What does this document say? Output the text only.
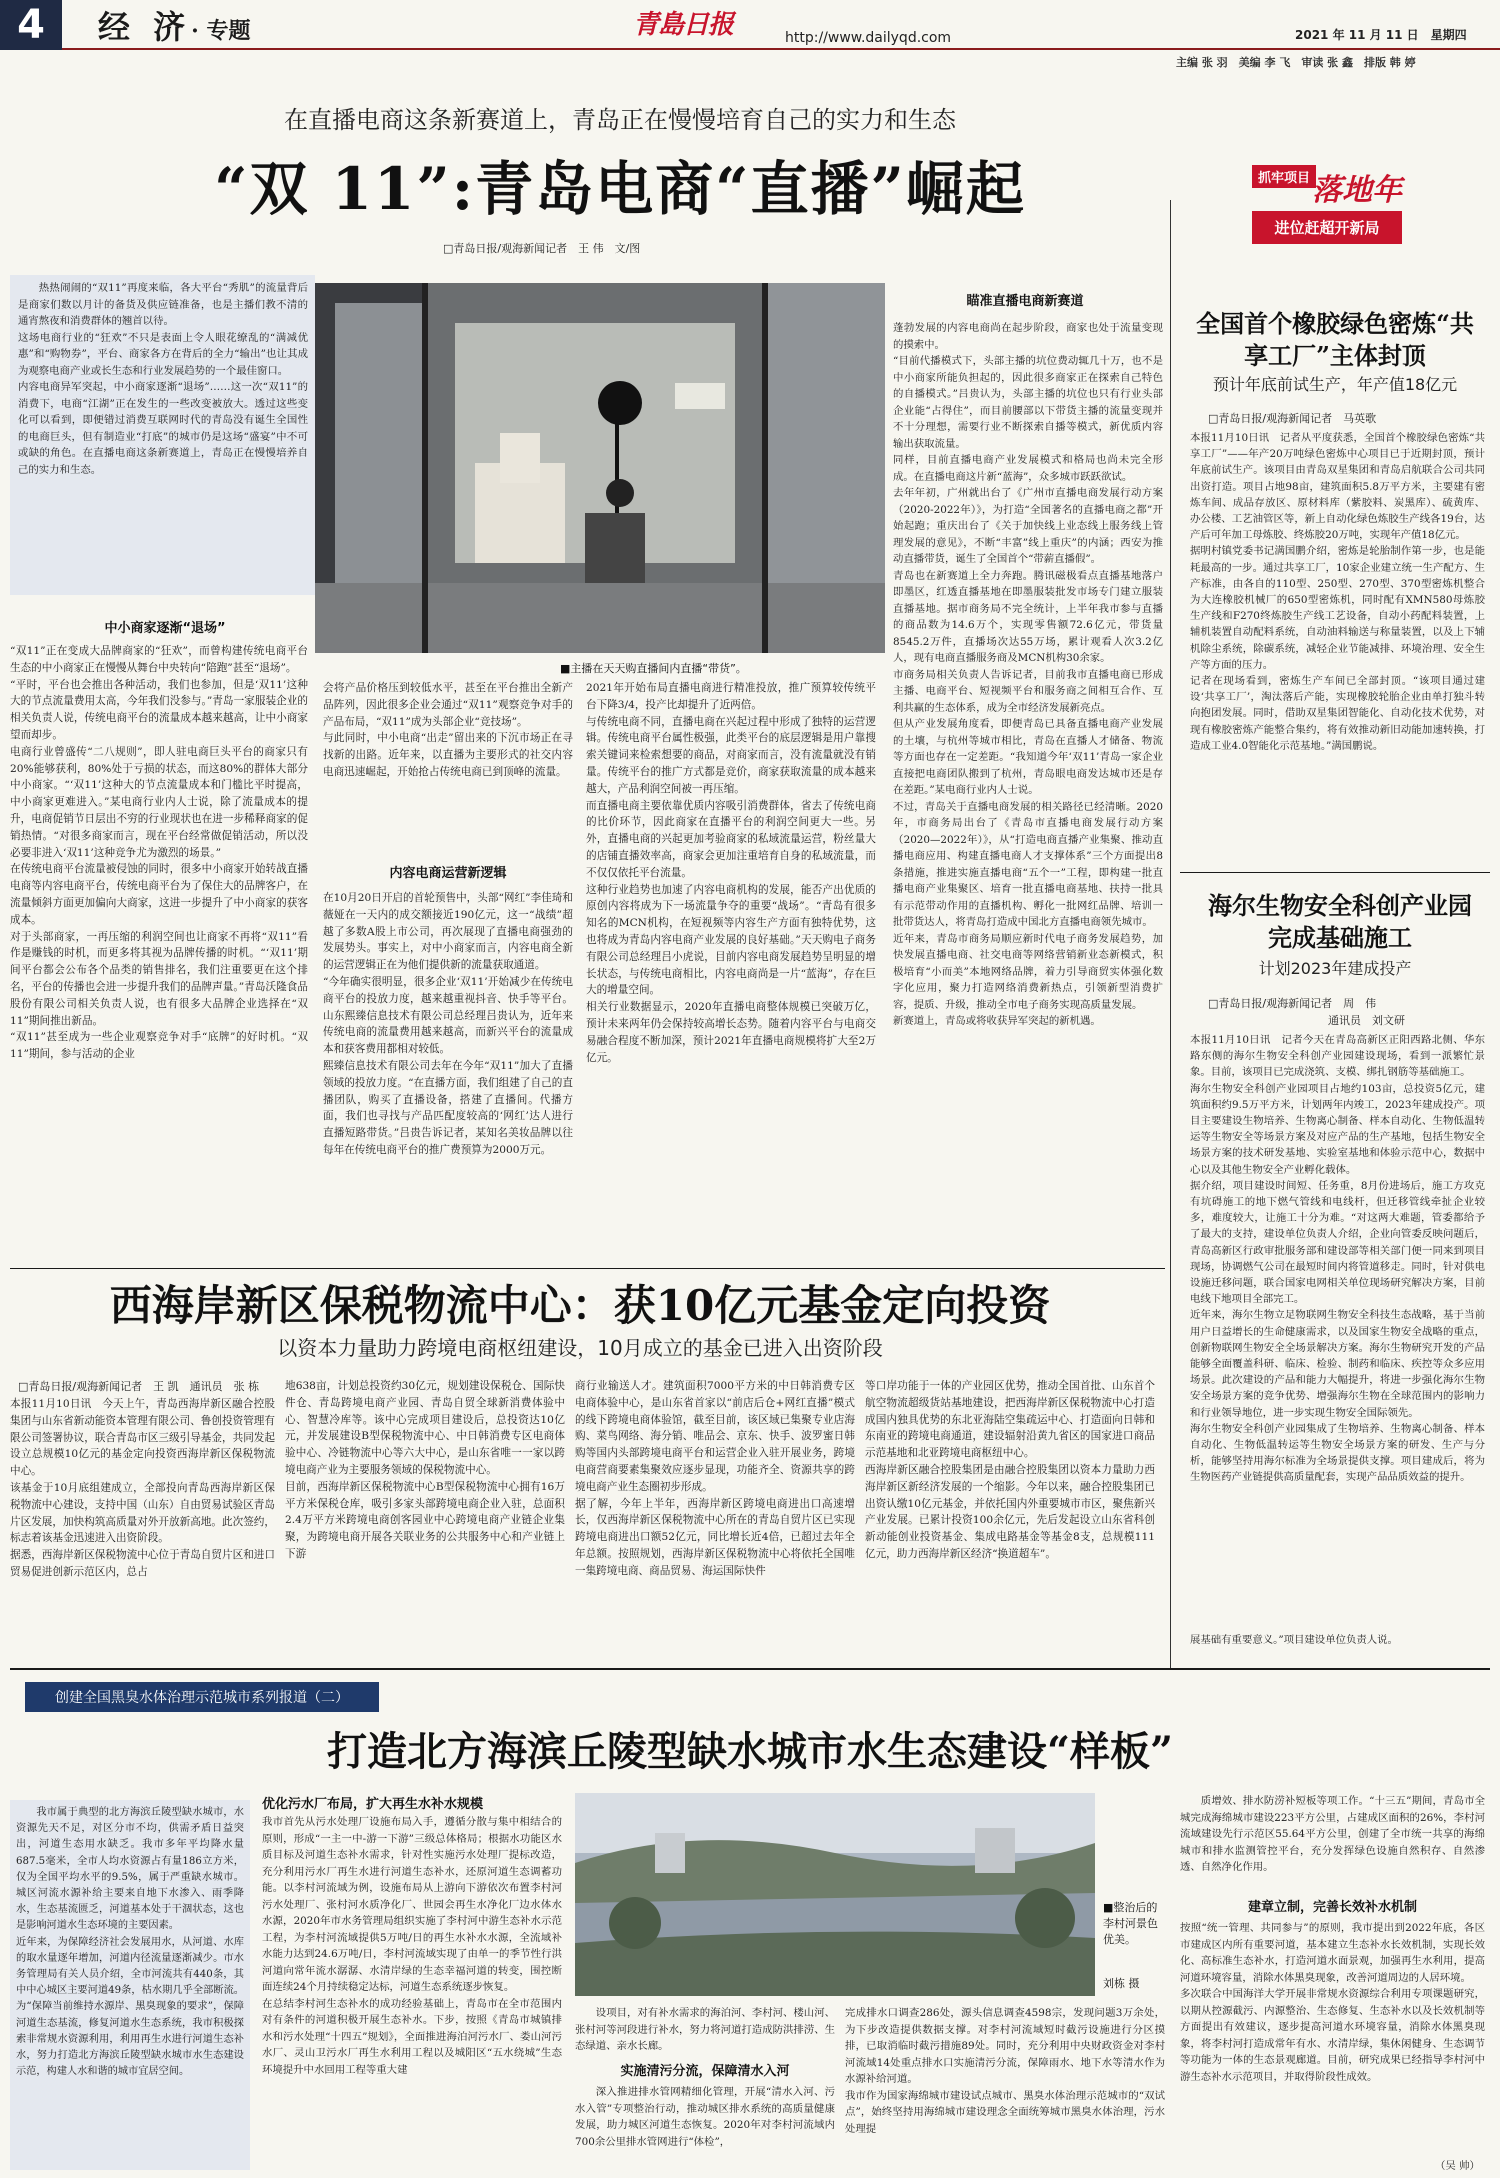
4	经 济· 专题	青島日报	http://www.dailyqd.com	2021 年 11 月 11 日　星期四
主编 张 羽　美编 李 飞　审读 张 鑫　排版 韩 婷
在直播电商这条新赛道上，青岛正在慢慢培育自己的实力和生态
“双 11”:青岛电商“直播”崛起
□青岛日报/观海新闻记者　王 伟　文/图
热热闹闹的“双11”再度来临，各大平台“秀肌”的流量背后是商家们数以月计的备货及供应链准备，也是主播们教不清的通宵熬夜和消费群体的翘首以待。
这场电商行业的“狂欢”不只是表面上令人眼花缭乱的“满减优惠”和“购物券”，平台、商家各方在背后的全力“输出”也让其成为观察电商产业或长生态和行业发展趋势的一个最佳窗口。
内容电商异军突起，中小商家逐渐“退场”……这一次“双11”的消费下，电商“江湖”正在发生的一些改变被放大。透过这些变化可以看到，即便错过消费互联网时代的青岛没有诞生全国性的电商巨头，但有制造业“打底”的城市仍是这场“盛宴”中不可或缺的角色。在直播电商这条新赛道上，青岛正在慢慢培养自己的实力和生态。
■主播在天天购直播间内直播“带货”。
中小商家逐渐“退场”
“双11”正在变成大品牌商家的“狂欢”，而曾构建传统电商平台生态的中小商家正在慢慢从舞台中央转向“陪跑”甚至“退场”。
“平时，平台也会推出各种活动，我们也参加，但是‘双11’这种大的节点流量费用太高，今年我们没参与。”青岛一家服装企业的相关负责人说，传统电商平台的流量成本越来越高，让中小商家望而却步。
电商行业曾盛传“二八规则”，即人驻电商巨头平台的商家只有20%能够获利，80%处于亏损的状态，而这80%的群体大部分中小商家。“‘双11’这种大的节点流量成本和门槛比平时提高，中小商家更难进入。”某电商行业内人士说，除了流量成本的提升，电商促销节日层出不穷的行业现状也在进一步稀释商家的促销热情。“对很多商家而言，现在平台经常做促销活动，所以没必要非进入‘双11’这种竞争尤为激烈的场景。”
在传统电商平台流量被侵蚀的同时，很多中小商家开始转战直播电商等内容电商平台，传统电商平台为了保住大的品牌客户，在流量倾斜方面更加偏向大商家，这进一步提升了中小商家的获客成本。
对于头部商家，一再压缩的利润空间也让商家不再将“双11”看作是赚钱的时机，而更多将其视为品牌传播的时机。“‘双11’期间平台都会公布各个品类的销售排名，我们注重要更在这个排名，平台的传播也会进一步提升我们的品牌声量。”青岛沃隆食品股份有限公司相关负责人说，也有很多大品牌企业选择在“双11”期间推出新品。
“双11”甚至成为一些企业观察竞争对手“底牌”的好时机。“双11”期间，参与活动的企业
会将产品价格压到较低水平，甚至在平台推出全新产品阵列，因此很多企业会通过“双11”观察竞争对手的产品布局，“双11”成为头部企业“竞技场”。
与此同时，中小电商“出走”留出来的下沉市场正在寻找新的出路。近年来，以直播为主要形式的社交内容电商迅速崛起，开始抢占传统电商已到顶峰的流量。
内容电商运营新逻辑
在10月20日开启的首轮预售中，头部“网红”李佳琦和薇娅在一天内的成交额接近190亿元，这一“战绩”超越了多数A股上市公司，再次展现了直播电商强劲的发展势头。事实上，对中小商家而言，内容电商全新的运营逻辑正在为他们提供新的流量获取通道。
“今年确实很明显，很多企业‘双11’开始减少在传统电商平台的投放力度，越来越重视抖音、快手等平台。山东熙臻信息技术有限公司总经理吕贵认为，近年来传统电商的流量费用越来越高，而新兴平台的流量成本和获客费用都相对较低。
熙臻信息技术有限公司去年在今年“双11”加大了直播领域的投放力度。“在直播方面，我们组建了自己的直播团队，购买了直播设备，搭建了直播间。代播方面，我们也寻找与产品匹配度较高的‘网红’达人进行直播短路带货。”吕贵告诉记者，某知名美妆品牌以往每年在传统电商平台的推广费预算为2000万元。
2021年开始布局直播电商进行精准投放，推广预算较传统平台下降3/4，投产比却提升了近两倍。
与传统电商不同，直播电商在兴起过程中形成了独特的运营逻辑。传统电商平台属性极强，此类平台的底层逻辑是用户靠搜索关键词来检索想要的商品，对商家而言，没有流量就没有销量。传统平台的推广方式都是竞价，商家获取流量的成本越来越大，产品利润空间被一再压缩。
而直播电商主要依靠优质内容吸引消费群体，省去了传统电商的比价环节，因此商家在直播平台的利润空间更大一些。另外，直播电商的兴起更加考验商家的私域流量运营，粉丝量大的店铺直播效率高，商家会更加注重培育自身的私域流量，而不仅仅依托平台流量。
这种行业趋势也加速了内容电商机构的发展，能否产出优质的原创内容将成为下一场流量争夺的重要“战场”。“青岛有很多知名的MCN机构，在短视频等内容生产方面有独特优势，这也将成为青岛内容电商产业发展的良好基础。”天天购电子商务有限公司总经理吕小虎说，目前内容电商发展趋势呈明显的增长状态，与传统电商相比，内容电商尚是一片“蓝海”，存在巨大的增量空间。
相关行业数据显示，2020年直播电商整体规模已突破万亿，预计未来两年仍会保持较高增长态势。随着内容平台与电商交易融合程度不断加深，预计2021年直播电商规模将扩大至2万亿元。
瞄准直播电商新赛道
蓬勃发展的内容电商尚在起步阶段，商家也处于流量变现的摸索中。
“目前代播模式下，头部主播的坑位费动辄几十万，也不是中小商家所能负担起的，因此很多商家正在探索自己特色的自播模式。”吕贵认为，头部主播的坑位也只有行业头部企业能“占得住”，而目前腰部以下带货主播的流量变现并不十分理想，需要行业不断探索自播等模式，新优质内容输出获取流量。
同样，目前直播电商产业发展模式和格局也尚未完全形成。在直播电商这片新“蓝海”，众多城市跃跃欲试。
去年年初，广州就出台了《广州市直播电商发展行动方案（2020-2022年）》，为打造“全国著名的直播电商之都”开始起跑；重庆出台了《关于加快线上业态线上服务线上管理发展的意见》，不断“丰富”线上重庆”的内涵；西安为推动直播带货，诞生了全国首个“带薪直播假”。
青岛也在新赛道上全力奔跑。腾讯磁极看点直播基地落户即墨区，红透直播基地在即墨服装批发市场专门建立服装直播基地。据市商务局不完全统计，上半年我市参与直播的商品数为14.6万个，实现零售额72.6亿元，带货量8545.2万件，直播场次达55万场，累计观看人次3.2亿人，现有电商直播服务商及MCN机构30余家。
市商务局相关负责人告诉记者，目前我市直播电商已形成主播、电商平台、短视频平台和服务商之间相互合作、互利共赢的生态体系，成为全市经济发展新亮点。
但从产业发展角度看，即便青岛已具备直播电商产业发展的土壤，与杭州等城市相比，青岛在直播人才储备、物流等方面也存在一定差距。“我知道今年‘双11’青岛一家企业直接把电商团队搬到了杭州，青岛眼电商发达城市还是存在差距。”某电商行业内人士说。
不过，青岛关于直播电商发展的相关路径已经清晰。2020年，市商务局出台了《青岛市直播电商发展行动方案（2020—2022年）》，从“打造电商直播产业集聚、推动直播电商应用、构建直播电商人才支撑体系”三个方面提出8条措施，推进实施直播电商“五个一”工程，即构建一批直播电商产业集聚区、培育一批直播电商基地、扶持一批具有示范带动作用的直播机构、孵化一批网红品牌、培训一批带货达人，将青岛打造成中国北方直播电商领先城市。
近年来，青岛市商务局顺应新时代电子商务发展趋势，加快发展直播电商、社交电商等网络营销新业态新模式，积极培育“小而美”本地网络品牌，着力引导商贸实体强化数字化应用，聚力打造网络消费新热点，引领新型消费扩容，提质、升级，推动全市电子商务实现高质量发展。
新赛道上，青岛或将收获异军突起的新机遇。
抓牢项目 落地年
进位赶超开新局
全国首个橡胶绿色密炼“共享工厂”主体封顶
预计年底前试生产，年产值18亿元
□青岛日报/观海新闻记者　马英歌
本报11月10日讯　记者从平度获悉，全国首个橡胶绿色密炼“共享工厂”——年产20万吨绿色密炼中心项目已于近期封顶，预计年底前试生产。该项目由青岛双星集团和青岛启航联合公司共同出资打造。项目占地98亩，建筑面积5.8万平方米，主要建有密炼车间、成品存放区、原材料库（紫胶料、炭黑库）、硫黄库、办公楼、工艺油管区等，新上自动化绿色炼胶生产线各19台，达产后可年加工母炼胶、终炼胶20万吨，实现年产值18亿元。
据明村镇党委书记满国鹏介绍，密炼是轮胎制作第一步，也是能耗最高的一步。通过共享工厂，10家企业建立统一生产配方、生产标准，由各自的110型、250型、270型、370型密炼机整合为大连橡胶机械厂的650型密炼机，同时配有XMN580母炼胶生产线和F270终炼胶生产线工艺设备，自动小药配料装置，上辅机装置自动配料系统，自动油料输送与称量装置，以及上下辅机除尘系统，除碳系统，减轻企业节能减排、环境治理、安全生产等方面的压力。
记者在现场看到，密炼生产车间已全部封顶。“该项目通过建设‘共享工厂’，淘汰落后产能，实现橡胶轮胎企业由单打独斗转向抱团发展。同时，借助双星集团智能化、自动化技术优势，对现有橡胶密炼产能整合集约，将有效推动新旧动能加速转换，打造成工业4.0智能化示范基地。”满国鹏说。
海尔生物安全科创产业园完成基础施工
计划2023年建成投产
□青岛日报/观海新闻记者　周　伟
通讯员　刘文研
本报11月10日讯　记者今天在青岛高新区正阳西路北侧、华东路东侧的海尔生物安全科创产业园建设现场，看到一派繁忙景象。目前，该项目已完成浇筑、支模、绑扎钢筋等基础施工。
海尔生物安全科创产业园项目占地约103亩，总投资5亿元，建筑面积约9.5万平方米，计划两年内竣工，2023年建成投产。项目主要建设生物培养、生物离心制备、样本自动化、生物低温转运等生物安全等场景方案及对应产品的生产基地，包括生物安全场景方案的技术研发基地、实验室基地和体验示范中心，数据中心以及其他生物安全产业孵化载体。
据介绍，项目建设时间短、任务重，8月份进场后，施工方攻克有坑碍施工的地下燃气管线和电线杆，但迁移管线牵扯企业较多，难度较大，让施工十分为难。“对这两大难题，管委都给予了最大的支持，建设单位负责人介绍，企业向管委反映问题后，青岛高新区行政审批服务部和建设部等相关部门便一同来到项目现场，协调燃气公司在最短时间内将管道移走。同时，针对供电设施迁移问题，联合国家电网相关单位现场研究解决方案，目前电线下地项目全部完工。
近年来，海尔生物立足物联网生物安全科技生态战略，基于当前用户日益增长的生命健康需求，以及国家生物安全战略的重点，创新物联网生物安全全场景解决方案。海尔生物研究开发的产品能够全面覆盖科研、临床、检验、制药和临床、疾控等众多应用场景。此次建设的产品和能力大幅提升，将进一步强化海尔生物安全场景方案的竞争优势、增强海尔生物在全球范围内的影响力和行业领导地位，进一步实现生物安全国际领先。
海尔生物安全科创产业园集成了生物培养、生物离心制备、样本自动化、生物低温转运等生物安全场景方案的研发、生产与分析，能够坚持用海尔标准为全场景提供支撑。项目建成后，将为生物医药产业链提供高质量配套，实现产品品质效益的提升。
展基础有重要意义。”项目建设单位负责人说。
西海岸新区保税物流中心：获10亿元基金定向投资
以资本力量助力跨境电商枢纽建设，10月成立的基金已进入出资阶段
□青岛日报/观海新闻记者　王 凯　通讯员　张 栋
本报11月10日讯　今天上午，青岛西海岸新区融合控股集团与山东省新动能资本管理有限公司、鲁创投资管理有限公司签署协议，联合青岛市区三级引导基金，共同发起设立总规模10亿元的基金定向投资西海岸新区保税物流中心。
该基金于10月底组建成立，全部投向青岛西海岸新区保税物流中心建设，支持中国（山东）自由贸易试验区青岛片区发展，加快构筑高质量对外开放新高地。此次签约，标志着该基金迅速进入出资阶段。
据悉，西海岸新区保税物流中心位于青岛自贸片区和进口贸易促进创新示范区内，总占
地638亩，计划总投资约30亿元，规划建设保税仓、国际快件仓、青岛跨境电商产业园、青岛自贸全球新消费体验中心、智慧冷库等。该中心完成项目建设后，总投资达10亿元，并发展建设B型保税物流中心、中日韩消费专区电商体验中心、冷链物流中心等六大中心，是山东省唯一一家以跨境电商产业为主要服务领域的保税物流中心。
目前，西海岸新区保税物流中心B型保税物流中心拥有16万平方米保税仓库，吸引多家头部跨境电商企业入驻，总面积2.4万平方米跨境电商创客园业中心跨境电商产业链企业集聚，为跨境电商开展各关联业务的公共服务中心和产业链上下游
商行业输送人才。建筑面积7000平方米的中日韩消费专区电商体验中心，是山东省首家以“前店后仓+网红直播”模式的线下跨境电商体验馆，截至目前，该区域已集聚专业店海购、菜鸟网络、海分销、唯品会、京东、快手、波罗蜜日韩购等国内头部跨境电商平台和运营企业入驻开展业务，跨境电商营商要素集聚效应逐步显现，功能齐全、资源共享的跨境电商产业生态圈初步形成。
据了解，今年上半年，西海岸新区跨境电商进出口高速增长，仅西海岸新区保税物流中心所在的青岛自贸片区已实现跨境电商进出口额52亿元，同比增长近4倍，已超过去年全年总额。按照规划，西海岸新区保税物流中心将依托全国唯一集跨境电商、商品贸易、海运国际快件
等口岸功能于一体的产业园区优势，推动全国首批、山东首个航空物流超级货站基地建设，把西海岸新区保税物流中心打造成国内独具优势的东北亚海陆空集疏运中心、打造面向日韩和东南亚的跨境电商通道，建设辐射沿黄九省区的国家进口商品示范基地和北亚跨境电商枢纽中心。
西海岸新区融合控股集团是由融合控股集团以资本力量助力西海岸新区新经济发展的一个缩影。今年以来，融合控股集团已出资认缴10亿元基金，并依托国内外重要城市市区，聚焦新兴产业发展。已累计投资100余亿元，先后发起设立山东省科创新动能创业投资基金、集成电路基金等基金8支，总规模111亿元，助力西海岸新区经济“换道超车”。
创建全国黑臭水体治理示范城市系列报道（二）
打造北方海滨丘陵型缺水城市水生态建设“样板”
我市属于典型的北方海滨丘陵型缺水城市，水资源先天不足，对区分市不均，供需矛盾日益突出，河道生态用水缺乏。我市多年平均降水量687.5毫米，全市人均水资源占有量186立方米，仅为全国平均水平的9.5%，属于严重缺水城市。城区河流水源补给主要来自地下水渗入、雨季降水，生态基流匮乏，河道基本处于干涸状态，这也是影响河道水生态环境的主要因素。
近年来，为保障经济社会发展用水，从河道、水库的取水量逐年增加，河道内径流量逐渐减少。市水务管理局有关人员介绍，全市河流共有440条，其中中心城区主要河道49条，枯水期几乎全部断流。为“保障当前维持水源岸、黑臭现象的要求”，保障河道生态基流，修复河道水生态系统，我市积极探索非常规水资源利用，利用再生水进行河道生态补水，努力打造北方海滨丘陵型缺水城市水生态建设示范，构建人水和谐的城市宜居空间。
优化污水厂布局，扩大再生水补水规模
我市首先从污水处理厂设施布局入手，遵循分散与集中相结合的原则，形成“一主一中-游一下游”三级总体格局；根据水功能区水质目标及河道生态补水需求，针对性实施污水处理厂提标改造，充分利用污水厂再生水进行河道生态补水，还原河道生态调蓄功能。以李村河流域为例，设施布局从上游向下游依次布置李村河污水处理厂、张村河水质净化厂、世园会再生水净化厂边水体水水源，2020年市水务管理局组织实施了李村河中游生态补水示范工程，为李村河流域提供5万吨/日的再生水补水水源，全流域补水能力达到24.6万吨/日，李村河流域实现了由单一的季节性行洪河道向常年流水潺潺、水清岸绿的生态幸福河道的转变，围控断面连续24个月持续稳定达标，河道生态系统逐步恢复。
在总结李村河生态补水的成功经验基础上，青岛市在全市范围内对有条件的河道积极开展生态补水。下步，按照《青岛市城镇排水和污水处理“十四五”规划》，全面推进海泊河污水厂、娄山河污水厂、灵山卫污水厂再生水利用工程以及城阳区“五水绕城”生态环境提升中水回用工程等重大建
■整治后的李村河景色优美。
刘栋 摄
设项目，对有补水需求的海泊河、李村河、楼山河、张村河等河段进行补水，努力将河道打造成防洪排涝、生态绿道、亲水长廊。
实施清污分流，保障清水入河
深入推进排水管网精细化管理，开展“清水入河、污水入管”专项整治行动，推动城区排水系统的高质量健康发展，助力城区河道生态恢复。2020年对李村河流域内700余公里排水管网进行“体检”，
完成排水口调查286处，源头信息调查4598宗，发现问题3万余处，为下步改造提供数据支撑。对李村河流域短时截污设施进行分区摸排，已取消临时截污措施89处。同时，充分利用中央财政资金对李村河流域14处重点排水口实施清污分流，保障雨水、地下水等清水作为水源补给河道。
我市作为国家海绵城市建设试点城市、黑臭水体治理示范城市的“双试点”，始终坚持用海绵城市建设理念全面统筹城市黑臭水体治理，污水处理提
质增效、排水防涝补短板等项工作。“十三五”期间，青岛市全城完成海绵城市建设223平方公里，占建成区面积的26%，李村河流域建设先行示范区55.64平方公里，创建了全市统一共享的海绵城市和排水监测管控平台，充分发挥绿色设施自然积存、自然渗透、自然净化作用。
建章立制，完善长效补水机制
按照“统一管理、共同参与”的原则，我市提出到2022年底，各区市建成区内所有重要河道，基本建立生态补水长效机制，实现长效化、高标准生态补水，打造河道水面景观，加强再生水利用，提高河道环境容量，消除水体黑臭现象，改善河道周边的人居环境。
多次联合中国海洋大学开展非常规水资源综合利用专项课题研究，以期从控源截污、内源整治、生态修复、生态补水以及长效机制等方面提出有效建议，逐步提高河道水环境容量，消除水体黑臭现象，将李村河打造成常年有水、水清岸绿，集休闲健身、生态调节等功能为一体的生态景观廊道。目前，研究成果已经指导李村河中游生态补水示范项目，并取得阶段性成效。
（吴 帅）
